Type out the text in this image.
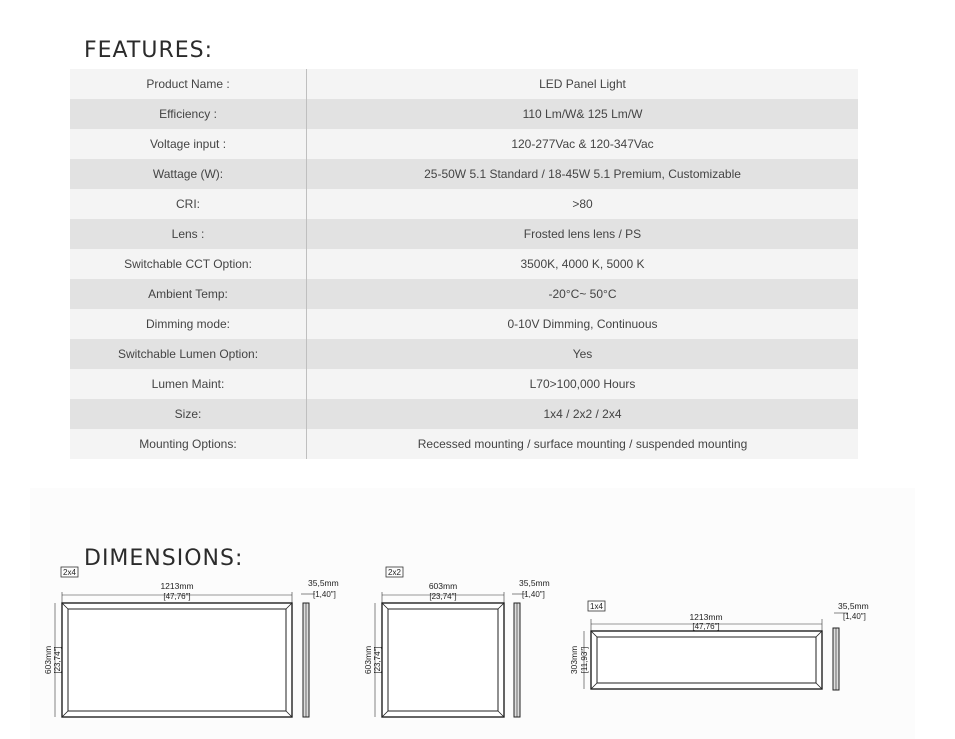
FEATURES:
Product Name :	LED Panel Light
Efficiency :	110 Lm/W& 125 Lm/W
Voltage input :	120-277Vac & 120-347Vac
Wattage (W):	25-50W 5.1 Standard / 18-45W 5.1 Premium, Customizable
CRI:	>80
Lens :	Frosted lens lens / PS
Switchable CCT Option:	3500K, 4000 K, 5000 K
Ambient Temp:	-20°C~ 50°C
Dimming mode:	0-10V Dimming, Continuous
Switchable Lumen Option:	Yes
Lumen Maint:	L70>100,000 Hours
Size:	1x4 / 2x2 / 2x4
Mounting Options:	Recessed mounting / surface mounting / suspended mounting
DIMENSIONS:
2x4
1213mm
[47,76"]
603mm [23,74"]
35,5mm
[1,40"]
2x2
603mm
[23,74"]
603mm [23,74"]
35,5mm
[1,40"]
1x4
1213mm
[47,76"]
303mm [11,93"]
35,5mm
[1,40"]
